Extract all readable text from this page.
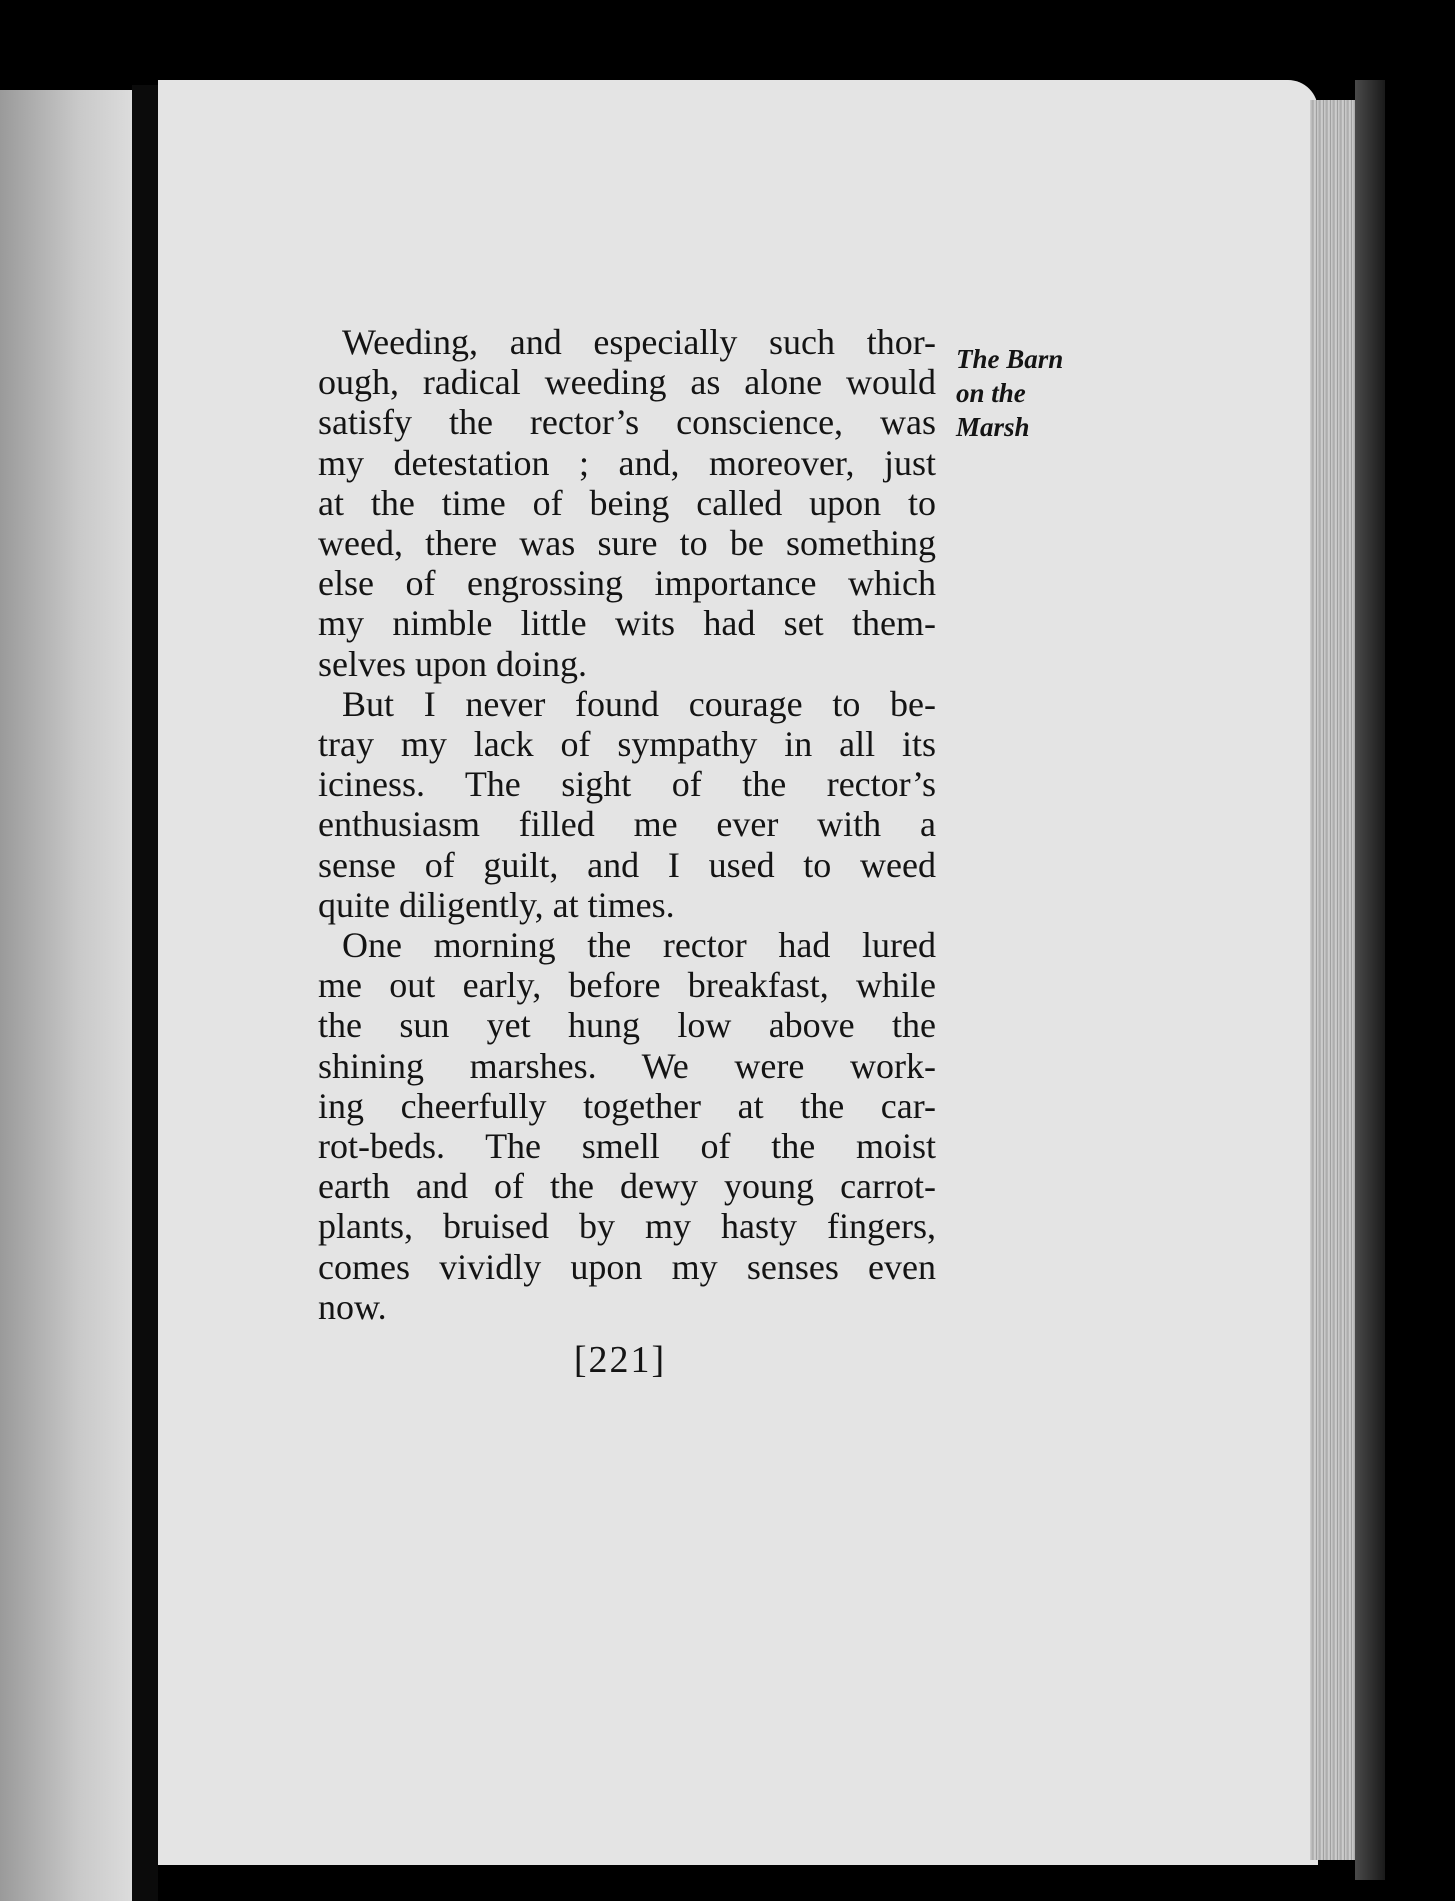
Weeding, and especially such thor-
ough, radical weeding as alone would
satisfy the rector’s conscience, was
my detestation ; and, moreover, just
at the time of being called upon to
weed, there was sure to be something
else of engrossing importance which
my nimble little wits had set them-
selves upon doing.

But I never found courage to be-
tray my lack of sympathy in all its
iciness. The sight of the rector’s
enthusiasm filled me ever with a
sense of guilt, and I used to weed
quite diligently, at times.

One morning the rector had lured
me out early, before breakfast, while
the sun yet hung low above the
shining marshes. We were work-
ing cheerfully together at the car-
rot-beds. The smell of the moist
earth and of the dewy young carrot-
plants, bruised by my hasty fingers,
comes vividly upon my senses even
now.

The Barn
on the
Marsh
[221]
